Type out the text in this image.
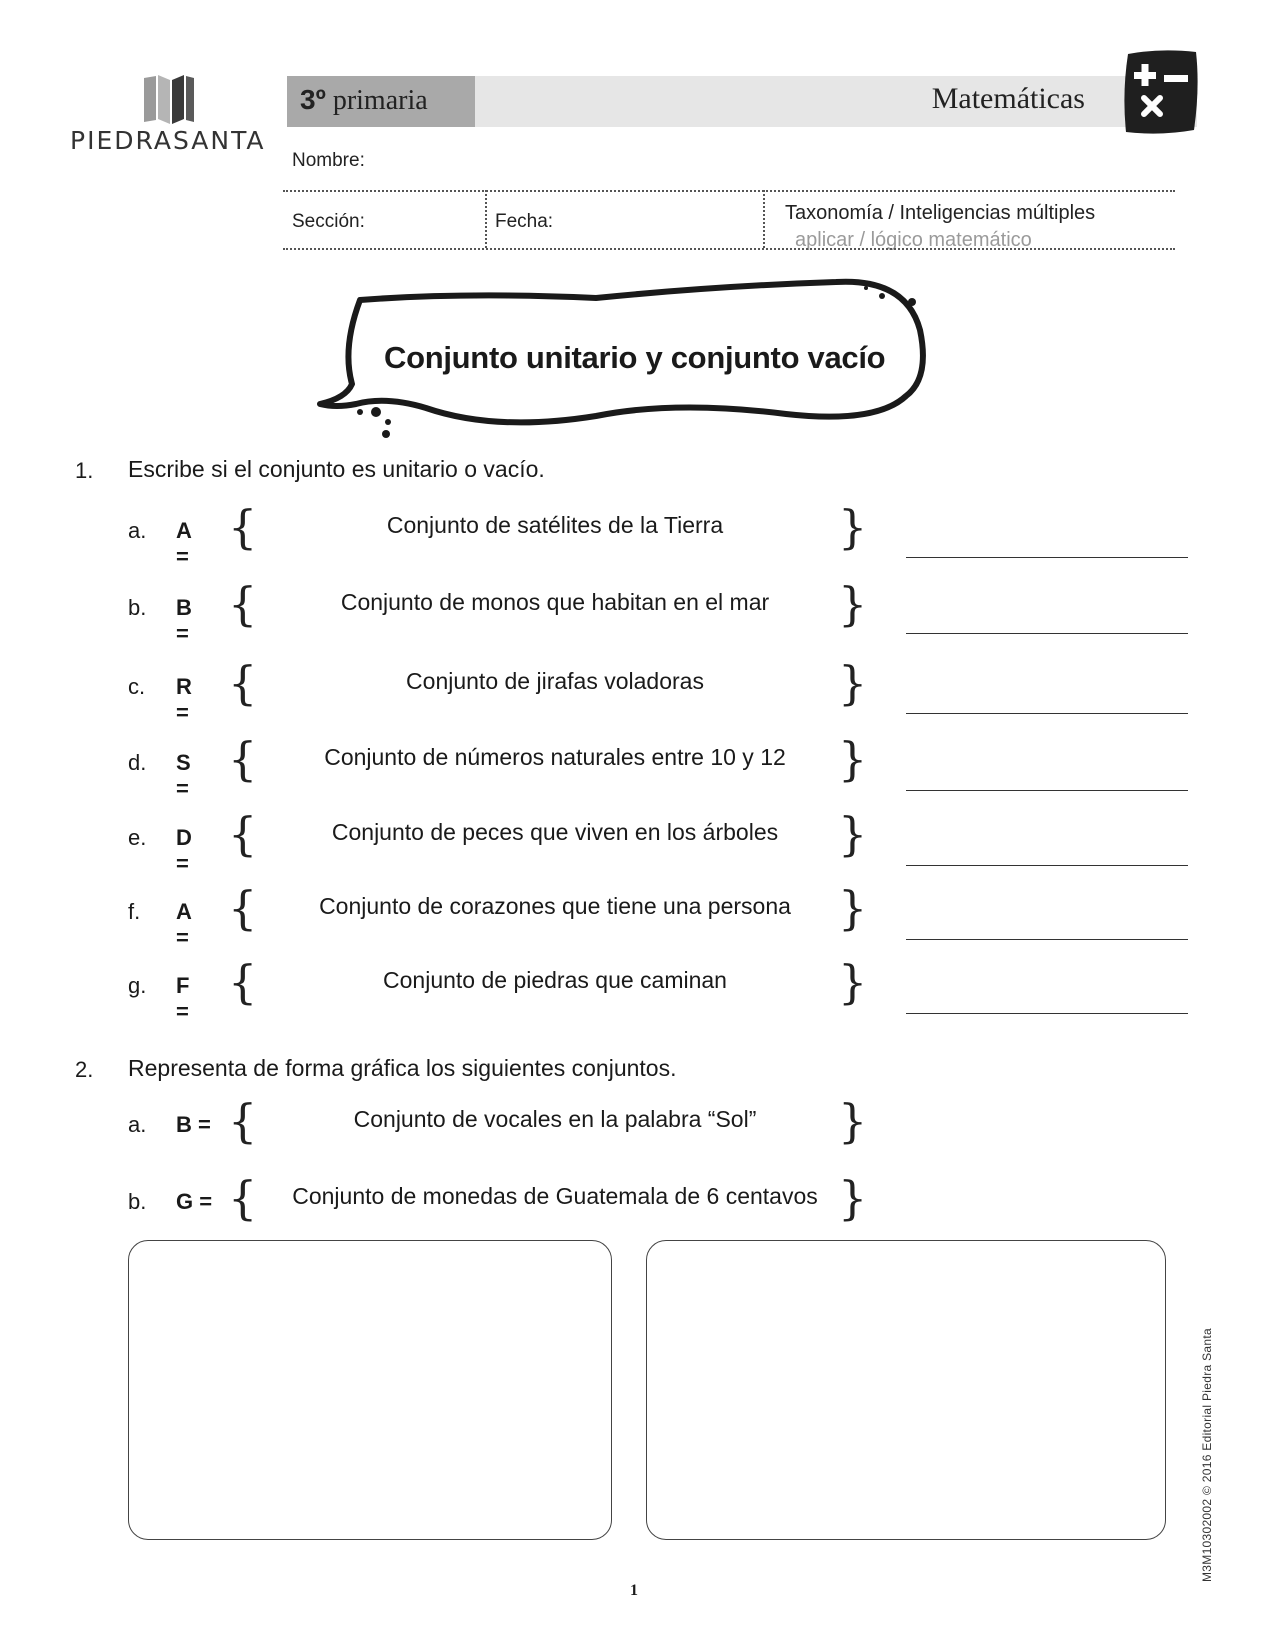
PIEDRASANTA
3º primaria	Matemáticas
Nombre:
Sección:	Fecha:	Taxonomía / Inteligencias múltiples
aplicar / lógico matemático
Conjunto unitario y conjunto vacío
1. Escribe si el conjunto es unitario o vacío.
a. A =
{	Conjunto de satélites de la Tierra	}
b. B =
{	Conjunto de monos que habitan en el mar	}
c. R =
{	Conjunto de jirafas voladoras	}
d. S =
{	Conjunto de números naturales entre 10 y 12	}
e. D =
{	Conjunto de peces que viven en los árboles	}
f. A =
{	Conjunto de corazones que tiene una persona	}
g. F =
{	Conjunto de piedras que caminan	}
2. Representa de forma gráfica los siguientes conjuntos.
a. B = {	Conjunto de vocales en la palabra “Sol”	}
b. G = {	Conjunto de monedas de Guatemala de 6 centavos }
M3M10302002 © 2016 Editorial Piedra Santa
1
